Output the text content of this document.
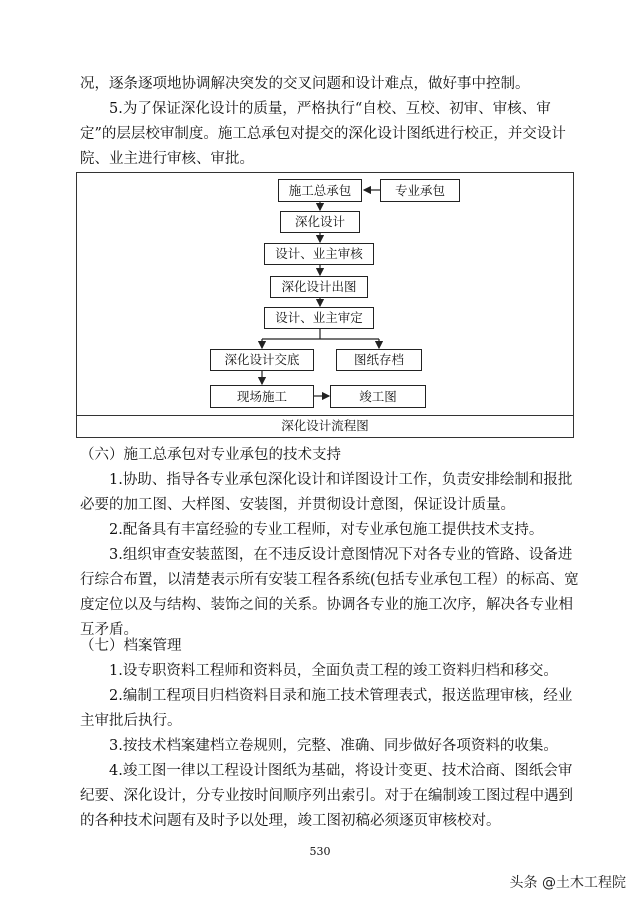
况，逐条逐项地协调解决突发的交叉问题和设计难点，做好事中控制。

5.为了保证深化设计的质量，严格执行“自校、互校、初审、审核、审定”的层层校审制度。施工总承包对提交的深化设计图纸进行校正，并交设计院、业主进行审核、审批。

施工总承包	专业承包
深化设计
设计、业主审核
深化设计出图
设计、业主审定
深化设计交底	图纸存档
现场施工	竣工图
深化设计流程图

（六）施工总承包对专业承包的技术支持

1.协助、指导各专业承包深化设计和详图设计工作，负责安排绘制和报批必要的加工图、大样图、安装图，并贯彻设计意图，保证设计质量。

2.配备具有丰富经验的专业工程师，对专业承包施工提供技术支持。

3.组织审查安装蓝图，在不违反设计意图情况下对各专业的管路、设备进行综合布置，以清楚表示所有安装工程各系统(包括专业承包工程）的标高、宽度定位以及与结构、装饰之间的关系。协调各专业的施工次序，解决各专业相互矛盾。

（七）档案管理

1.设专职资料工程师和资料员，全面负责工程的竣工资料归档和移交。

2.编制工程项目归档资料目录和施工技术管理表式，报送监理审核，经业主审批后执行。

3.按技术档案建档立卷规则，完整、准确、同步做好各项资料的收集。

4.竣工图一律以工程设计图纸为基础，将设计变更、技术洽商、图纸会审纪要、深化设计，分专业按时间顺序列出索引。对于在编制竣工图过程中遇到的各种技术问题有及时予以处理，竣工图初稿必须逐页审核校对。

530
头条 @土木工程院
